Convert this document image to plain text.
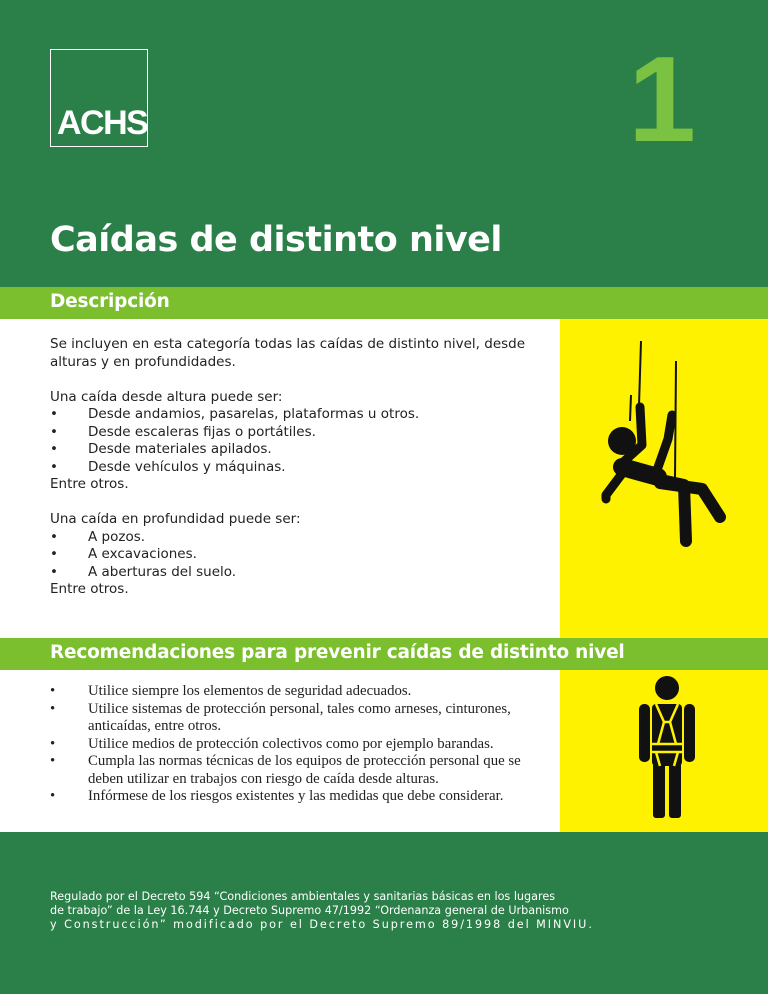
ACHS	1
Caídas de distinto nivel
Descripción

Se incluyen en esta categoría todas las caídas de distinto nivel, desde

alturas y en profundidades.

Una caída desde altura puede ser:

• Desde andamios, pasarelas, plataformas u otros.
• Desde escaleras fijas o portátiles.
• Desde materiales apilados.
• Desde vehículos y máquinas.

Entre otros.

Una caída en profundidad puede ser:

• A pozos.
• A excavaciones.
• A aberturas del suelo.

Entre otros.

Recomendaciones para prevenir caídas de distinto nivel
• Utilice siempre los elementos de seguridad adecuados.
• Utilice sistemas de protección personal, tales como arneses, cinturones, anticaídas, entre otros.
• Utilice medios de protección colectivos como por ejemplo barandas.
• Cumpla las normas técnicas de los equipos de protección personal que se deben utilizar en trabajos con riesgo de caída desde alturas.
• Infórmese de los riesgos existentes y las medidas que debe considerar.
Regulado por el Decreto 594 “Condiciones ambientales y sanitarias básicas en los lugares
de trabajo” de la Ley 16.744 y Decreto Supremo 47/1992 “Ordenanza general de Urbanismo
y Construcción” modificado por el Decreto Supremo 89/1998 del MINVIU.
